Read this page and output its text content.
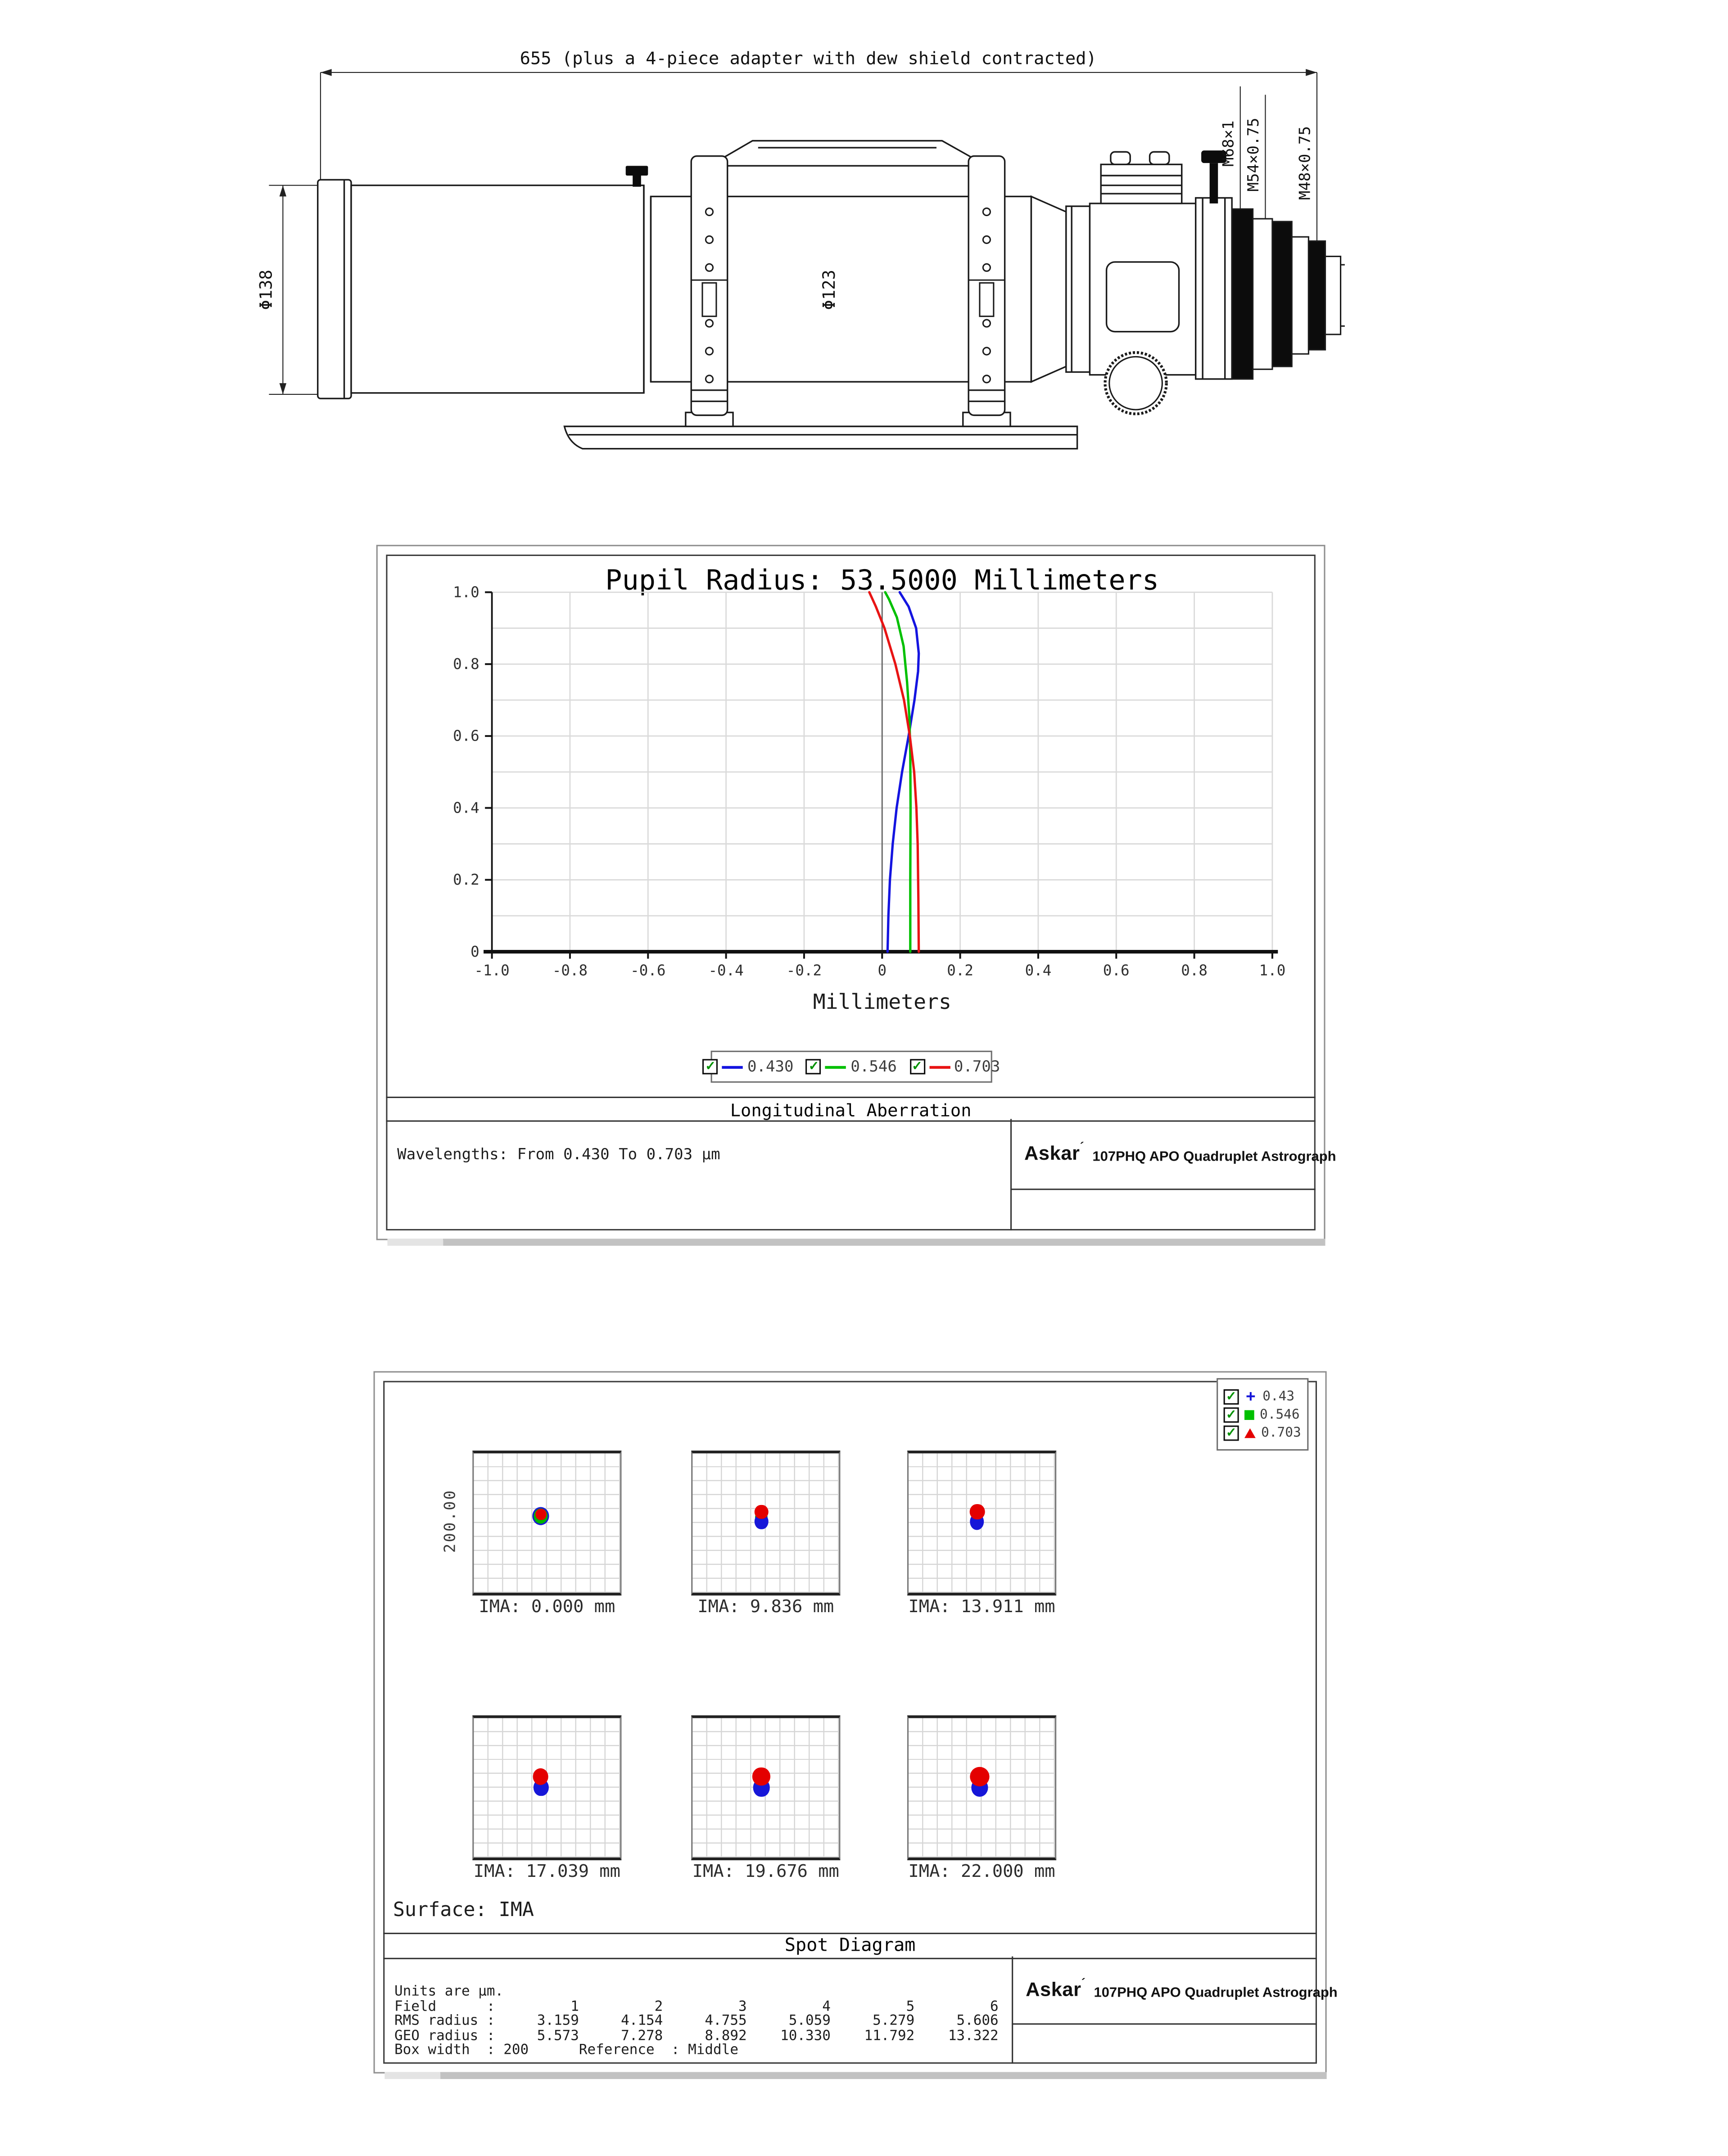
655 (plus a 4-piece adapter with dew shield contracted)
Φ138	Φ123
M68×1 M54×0.75	M48×0.75
Pupil Radius: 53.5000 Millimeters
-1.0	-0.8	-0.6	-0.4	-0.2	0	0.2	0.4	0.6	0.8	1.0
1.0
0.8
0.6
0.4
0.2
0
Millimeters
✓	0.430	✓	0.546	✓	0.703
Longitudinal Aberration
Wavelengths: From 0.430 To 0.703 μm	Askar´107PHQ APO Quadruplet Astrograph
✓	+	0.43
✓	0.546
✓	0.703
200.00
IMA: 0.000 mm	IMA: 9.836 mm	IMA: 13.911 mm
IMA: 17.039 mm	IMA: 19.676 mm	IMA: 22.000 mm
Surface: IMA
Spot Diagram
Units are μm.
Field      :         1         2         3         4         5         6
RMS radius :     3.159     4.154     4.755     5.059     5.279     5.606
GEO radius :     5.573     7.278     8.892    10.330    11.792    13.322
Box width  : 200      Reference  : Middle
Askar´107PHQ APO Quadruplet Astrograph
